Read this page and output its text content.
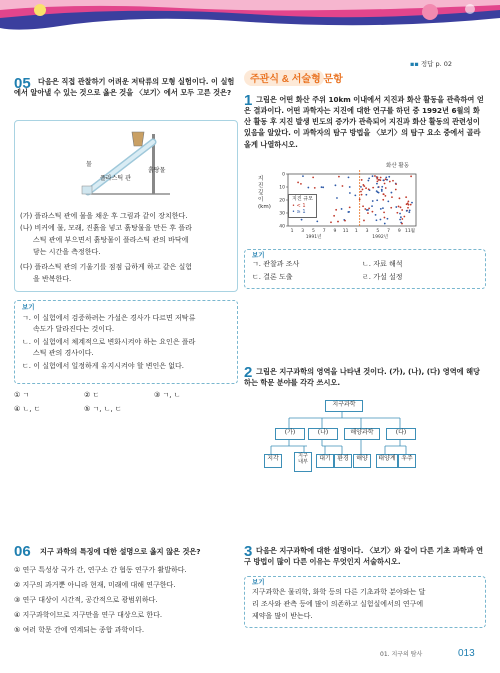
▪▪ 정답 p. 02
05	다음은 직접 관찰하기 어려운 저탁류의 모형 실험이다. 이 실험에서 알아낼 수 있는 것으로 옳은 것을 〈보기〉에서 모두 고른 것은?
물
흙탕물
플라스틱 관
(가) 플라스틱 관에 물을 채운 후 그림과 같이 장치한다.
(나) 비커에 물, 모래, 진흙을 넣고 흙탕물을 만든 후 플라
스틱 관에 부으면서 흙탕물이 플라스틱 관의 바닥에
닿는 시간을 측정한다.
(다) 플라스틱 관의 기울기를 점점 급하게 하고 같은 실험
을 반복한다.
보기
ㄱ. 이 실험에서 검증하려는 가설은 경사가 다르면 저탁류
속도가 달라진다는 것이다.
ㄴ. 이 실험에서 체계적으로 변화시켜야 하는 요인은 플라
스틱 관의 경사이다.
ㄷ. 이 실험에서 일정하게 유지시켜야 할 변인은 없다.
① ㄱ	② ㄷ	③ ㄱ, ㄴ
④ ㄴ, ㄷ	⑤ ㄱ, ㄴ, ㄷ
06 지구 과학의 특징에 대한 설명으로 옳지 않은 것은?
① 연구 특성상 국가 간, 연구소 간 협동 연구가 활발하다.
② 지구의 과거뿐 아니라 현재, 미래에 대해 연구한다.
③ 연구 대상이 시간적, 공간적으로 광범위하다.
④ 지구과학이므로 지구만을 연구 대상으로 한다.
⑤ 여러 학문 간에 연계되는 종합 과학이다.
주관식 & 서술형 문항
1 그림은 어떤 화산 주위 10km 이내에서 지진과 화산 활동을 관측하여 얻은 결과이다. 어떤 과학자는 지진에 대한 연구를 하던 중 1992년 6월의 화산 활동 후 지진 발생 빈도의 증가가 관측되어 지진과 화산 활동의 관련성이 있음을 알았다. 이 과학자의 탐구 방법을 〈보기〉의 탐구 요소 중에서 골라 올게 나열하시오.
화산 활동
지진 깊이 (km)
0
10
20
30
40
1 3 5 7 9 11 1 3 5 7 9 11월
1991년	1992년
지진 규모
• < 1
• ≥ 1
보기
ㄱ. 관찰과 조사	ㄴ. 자료 해석
ㄷ. 결론 도출	ㄹ. 가설 설정
2 그림은 지구과학의 영역을 나타낸 것이다. (가), (나), (다) 영역에 해당하는 학문 분야를 각각 쓰시오.
지구과학
(가)	(나)	해양과학	(다)
지각	지구 내부	대기	환경	해양	태양계 우주
3 다음은 지구과학에 대한 설명이다. 〈보기〉와 같이 다른 기초 과학과 연구 방법이 많이 다른 이유는 무엇인지 서술하시오.
보기
지구과학은 물리학, 화학 등의 다른 기초과학 분야와는 달
리 조사와 관측 등에 많이 의존하고 실험실에서의 연구에
제약을 많이 받는다.
01. 지구의 탐사	013
